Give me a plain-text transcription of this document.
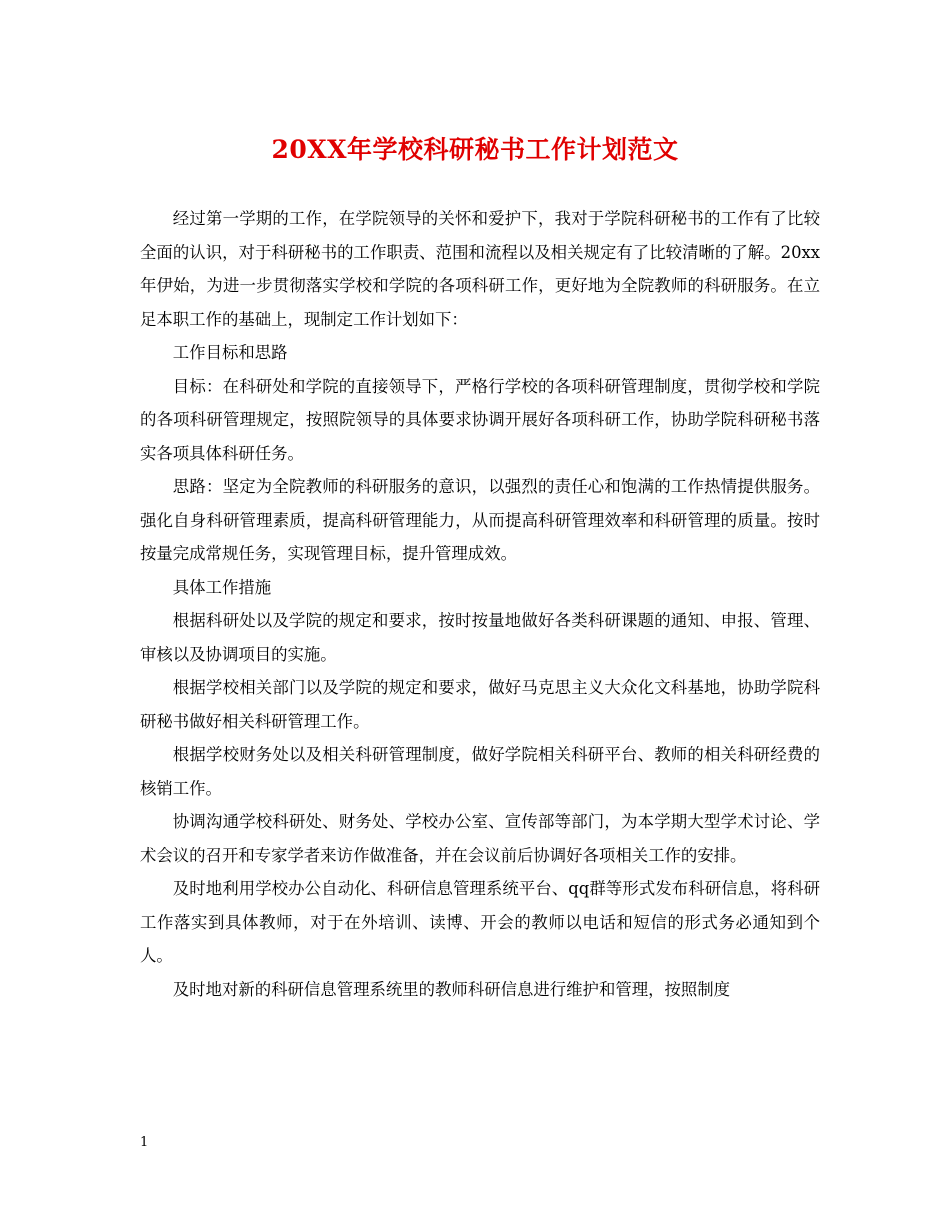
20XX年学校科研秘书工作计划范文

经过第一学期的工作，在学院领导的关怀和爱护下，我对于学院科研秘书的工作有了比较全面的认识，对于科研秘书的工作职责、范围和流程以及相关规定有了比较清晰的了解。20xx年伊始，为进一步贯彻落实学校和学院的各项科研工作，更好地为全院教师的科研服务。在立足本职工作的基础上，现制定工作计划如下：

工作目标和思路

目标：在科研处和学院的直接领导下，严格行学校的各项科研管理制度，贯彻学校和学院的各项科研管理规定，按照院领导的具体要求协调开展好各项科研工作，协助学院科研秘书落实各项具体科研任务。

思路：坚定为全院教师的科研服务的意识，以强烈的责任心和饱满的工作热情提供服务。强化自身科研管理素质，提高科研管理能力，从而提高科研管理效率和科研管理的质量。按时按量完成常规任务，实现管理目标，提升管理成效。

具体工作措施

根据科研处以及学院的规定和要求，按时按量地做好各类科研课题的通知、申报、管理、审核以及协调项目的实施。

根据学校相关部门以及学院的规定和要求，做好马克思主义大众化文科基地，协助学院科研秘书做好相关科研管理工作。

根据学校财务处以及相关科研管理制度，做好学院相关科研平台、教师的相关科研经费的核销工作。

协调沟通学校科研处、财务处、学校办公室、宣传部等部门，为本学期大型学术讨论、学术会议的召开和专家学者来访作做准备，并在会议前后协调好各项相关工作的安排。

及时地利用学校办公自动化、科研信息管理系统平台、qq群等形式发布科研信息，将科研工作落实到具体教师，对于在外培训、读博、开会的教师以电话和短信的形式务必通知到个人。

及时地对新的科研信息管理系统里的教师科研信息进行维护和管理，按照制度

1
